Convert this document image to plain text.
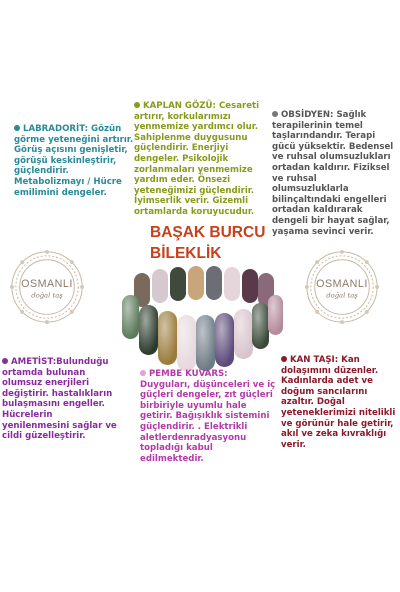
LABRADORİT: Gözün görme yeteneğini artırır. Görüş açısını genişletir, görüşü keskinleştirir, güçlendirir. Metabolizmayı / Hücre emilimini dengeler.
KAPLAN GÖZÜ: Cesareti artırır, korkularımızı yenmemize yardımcı olur. Sahiplenme duygusunu güçlendirir. Enerjiyi dengeler. Psikolojik zorlanmaları yenmemize yardım eder. Önsezi yeteneğimizi güçlendirir. İyimserlik verir. Gizemli ortamlarda koruyucudur.
OBSİDYEN: Sağlık terapilerinin temel taşlarındandır. Terapi gücü yüksektir. Bedensel ve ruhsal olumsuzlukları ortadan kaldırır. Fiziksel ve ruhsal olumsuzluklarla bilinçaltındaki engelleri ortadan kaldırarak dengeli bir hayat sağlar, yaşama sevinci verir.
BAŞAK BURCU
BİLEKLİK
OSMANLI
doğal taş
OSMANLI
doğal taş
AMETİST:Bulunduğu ortamda bulunan olumsuz enerjileri değiştirir. hastalıkların bulaşmasını engeller. Hücrelerin yenilenmesini sağlar ve cildi güzelleştirir.
PEMBE KUVARS: Duyguları, düşünceleri ve iç güçleri dengeler, zıt güçleri birbiriyle uyumlu hale getirir. Bağışıklık sistemini güçlendirir. . Elektrikli aletlerdenradyasyonu topladığı kabul edilmektedir.
KAN TAŞI: Kan dolaşımını düzenler. Kadınlarda adet ve doğum sancılarını azaltır. Doğal yeteneklerimizi nitelikli ve görünür hale getirir, akıl ve zeka kıvraklığı verir.
